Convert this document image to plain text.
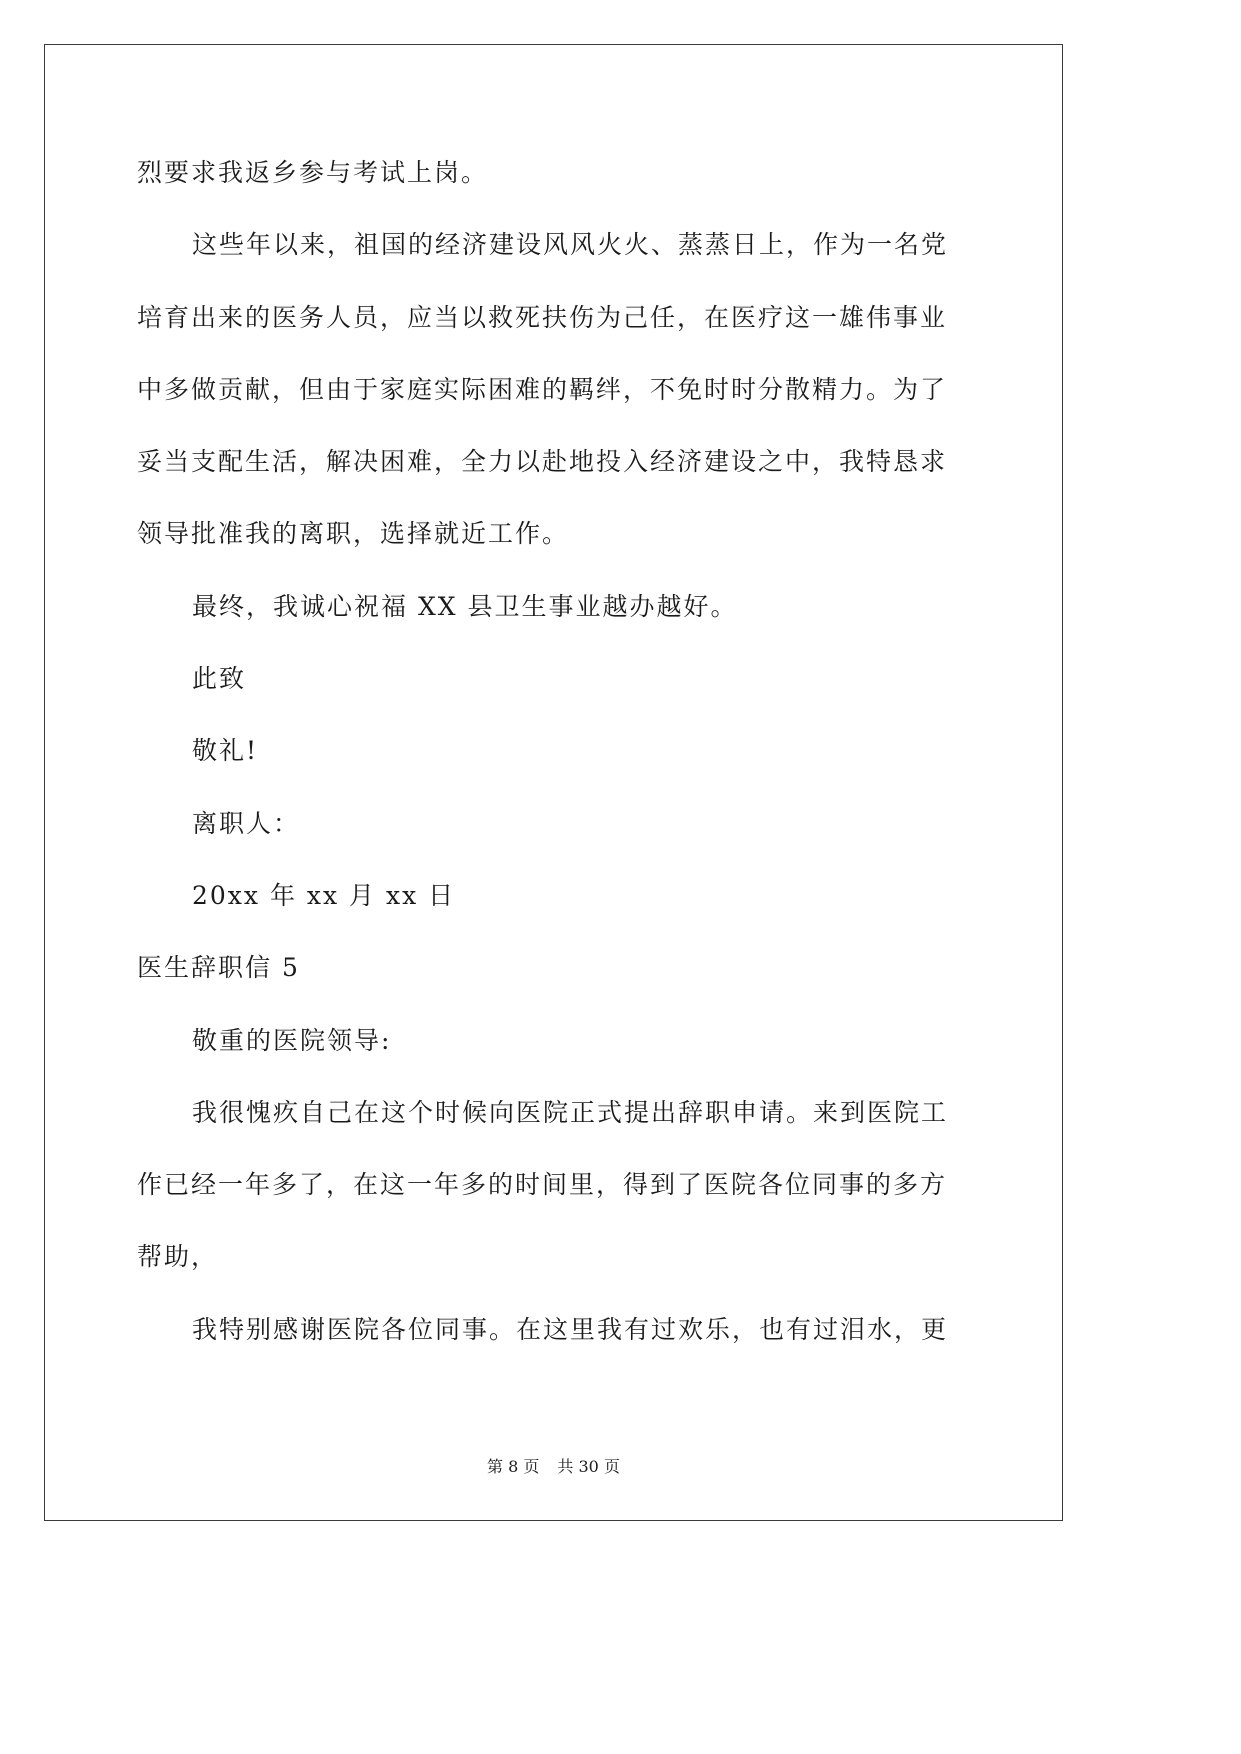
烈要求我返乡参与考试上岗。
这些年以来，祖国的经济建设风风火火、蒸蒸日上，作为一名党
培育出来的医务人员，应当以救死扶伤为己任，在医疗这一雄伟事业
中多做贡献，但由于家庭实际困难的羁绊，不免时时分散精力。为了
妥当支配生活，解决困难，全力以赴地投入经济建设之中，我特恳求
领导批准我的离职，选择就近工作。
最终，我诚心祝福 XX 县卫生事业越办越好。
此致
敬礼!
离职人：
20xx 年 xx 月 xx 日
医生辞职信 5
敬重的医院领导:
我很愧疚自己在这个时候向医院正式提出辞职申请。来到医院工
作已经一年多了，在这一年多的时间里，得到了医院各位同事的多方
帮助，
我特别感谢医院各位同事。在这里我有过欢乐，也有过泪水，更
第 8 页 共 30 页
